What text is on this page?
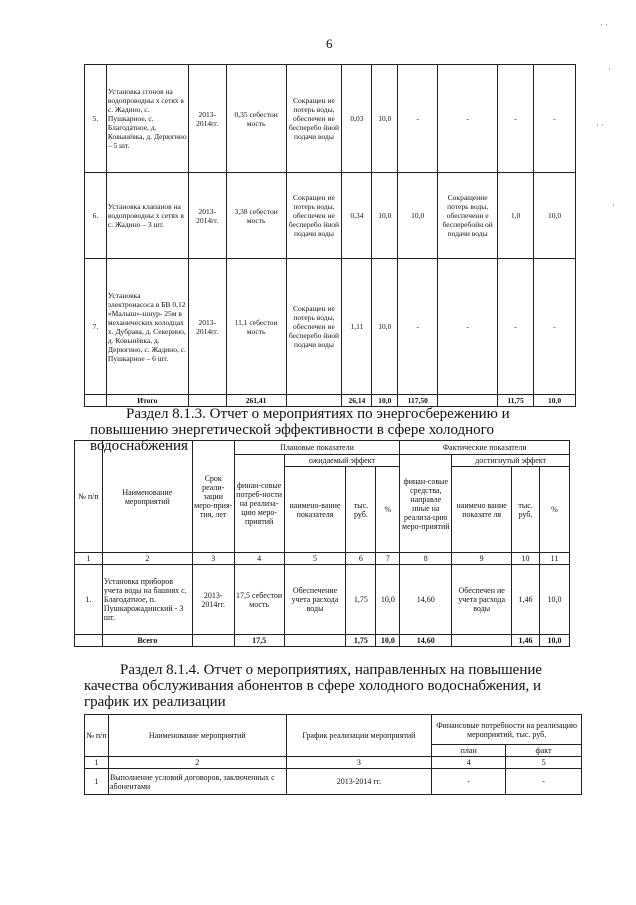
6
5.	Установка сгонов на водопроводны х сетях в с. Жадино, с. Пушкарное, с. Благодатное, д. Ковынёвка, д. Дерюгино – 5 шт.	2013-2014гг.	0,35 себестои мость	Сокращен ие потерь воды, обеспечен ие бесперебо йной подачи воды	0,03	10,0	-	-	-	-
6.	Установка клапанов на водопроводны х сетях в с. Жадино – 3 шт.	2013-2014гг.	3,38 себестои мость	Сокращен ие потерь воды, обеспечен ие бесперебо йной подачи воды	0,34	10,0	10,0	Сокращение потерь воды, обеспечени е бесперебойн ой подачи воды	1,0	10,0
7.	Установка электронасоса в БВ 0,12 «Малыш»-шнур- 25м в механических колодцах х. Дубрава, д. Секерино, д. Ковынёвка, д. Дерюгино, с. Жадино, с. Пушкарное – 6 шт.	2013-2014гг.	11,1 себестои мость	Сокращен ие потерь воды, обеспечен ие бесперебо йной подачи воды	1,11	10,0	-	-	-	-
	Итого		261,41		26,14	10,0	117,50		11,75	10,0
Раздел 8.1.3. Отчет о мероприятиях по энергосбережению и повышению энергетической эффективности в сфере холодного водоснабжения
№ п/п	Наименование мероприятий	Срок реали-зации меро-прия-тия, лет	Плановые показатели				Фактические показатели			
			финан-совые потреб-ности на реализа-цию меро-приятий	ожидаемый эффект			финан-совые средства, направле нные на реализа-цию меро-приятий	достигнутый эффект		
				наимено-вание показателя	тыс. руб.	%		наимено вание показате ля	тыс. руб.	%
1	2	3	4	5	6	7	8	9	10	11
1.	Установка приборов учета воды на башнях с. Благодатное, п. Пушкарожадинский - 3 шт.	2013-2014гг.	17,5 себестои мость	Обеспечение учета расхода воды	1,75	10,0	14,60	Обеспечен ие учета расхода воды	1,46	10,0
	Всего		17,5		1,75	10,0	14,60		1,46	10,0
Раздел 8.1.4. Отчет о мероприятиях, направленных на повышение качества обслуживания абонентов в сфере холодного водоснабжения, и график их реализации
№ п/п	Наименование мероприятий	График реализации мероприятий	Финансовые потребности на реализацию мероприятий, тыс. руб.	
			план	факт
1	2	3	4	5
1	Выполнение условий договоров, заключенных с абонентами	2013-2014 гг.	-	-
· ·
·
· ·
·
